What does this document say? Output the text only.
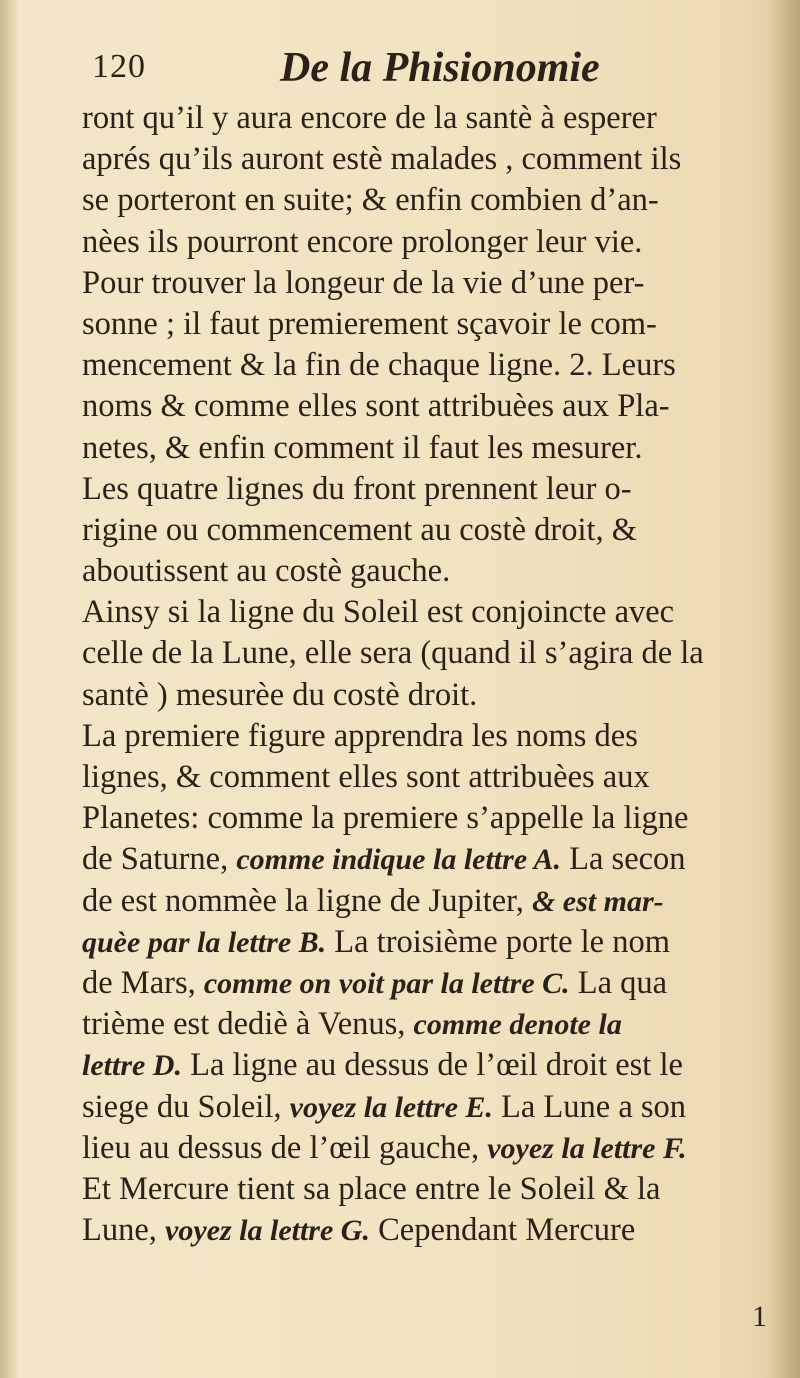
120	De la Phisionomie
ront qu’il y aura encore de la santè à esperer
aprés qu’ils auront estè malades , comment ils
se porteront en suite; & enfin combien d’an-
nèes ils pourront encore prolonger leur vie.
Pour trouver la longeur de la vie d’une per-
sonne ; il faut premierement sçavoir le com-
mencement & la fin de chaque ligne. 2. Leurs
noms & comme elles sont attribuèes aux Pla-
netes, & enfin comment il faut les mesurer.
Les quatre lignes du front prennent leur o-
rigine ou commencement au costè droit, &
aboutissent au costè gauche.
Ainsy si la ligne du Soleil est conjoincte avec
celle de la Lune, elle sera (quand il s’agira de la
santè ) mesurèe du costè droit.
La premiere figure apprendra les noms des
lignes, & comment elles sont attribuèes aux
Planetes: comme la premiere s’appelle la ligne
de Saturne, comme indique la lettre A. La secon
de est nommèe la ligne de Jupiter, & est mar-
quèe par la lettre B. La troisième porte le nom
de Mars, comme on voit par la lettre C. La qua
trième est dediè à Venus, comme denote la
lettre D. La ligne au dessus de l’œil droit est le
siege du Soleil, voyez la lettre E. La Lune a son
lieu au dessus de l’œil gauche, voyez la lettre F.
Et Mercure tient sa place entre le Soleil & la
Lune, voyez la lettre G. Cependant Mercure
1
